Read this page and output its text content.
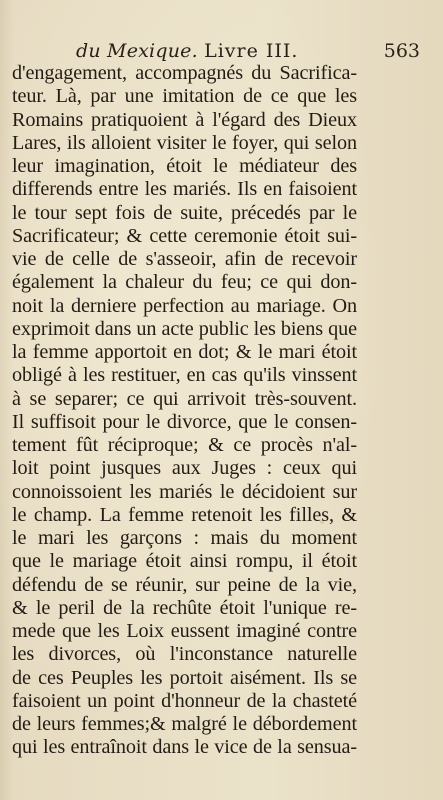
du Mexique. Livre III.	563
d'engagement, accompagnés du Sacrifica-
teur. Là, par une imitation de ce que les
Romains pratiquoient à l'égard des Dieux
Lares, ils alloient visiter le foyer, qui selon
leur imagination, étoit le médiateur des
differends entre les mariés. Ils en faisoient
le tour sept fois de suite, précedés par le
Sacrificateur; & cette ceremonie étoit sui-
vie de celle de s'asseoir, afin de recevoir
également la chaleur du feu; ce qui don-
noit la derniere perfection au mariage. On
exprimoit dans un acte public les biens que
la femme apportoit en dot; & le mari étoit
obligé à les restituer, en cas qu'ils vinssent
à se separer; ce qui arrivoit très-souvent.
Il suffisoit pour le divorce, que le consen-
tement fût réciproque; & ce procès n'al-
loit point jusques aux Juges : ceux qui
connoissoient les mariés le décidoient sur
le champ. La femme retenoit les filles, &
le mari les garçons : mais du moment
que le mariage étoit ainsi rompu, il étoit
défendu de se réunir, sur peine de la vie,
& le peril de la rechûte étoit l'unique re-
mede que les Loix eussent imaginé contre
les divorces, où l'inconstance naturelle
de ces Peuples les portoit aisément. Ils se
faisoient un point d'honneur de la chasteté
de leurs femmes;& malgré le débordement
qui les entraînoit dans le vice de la sensua-
